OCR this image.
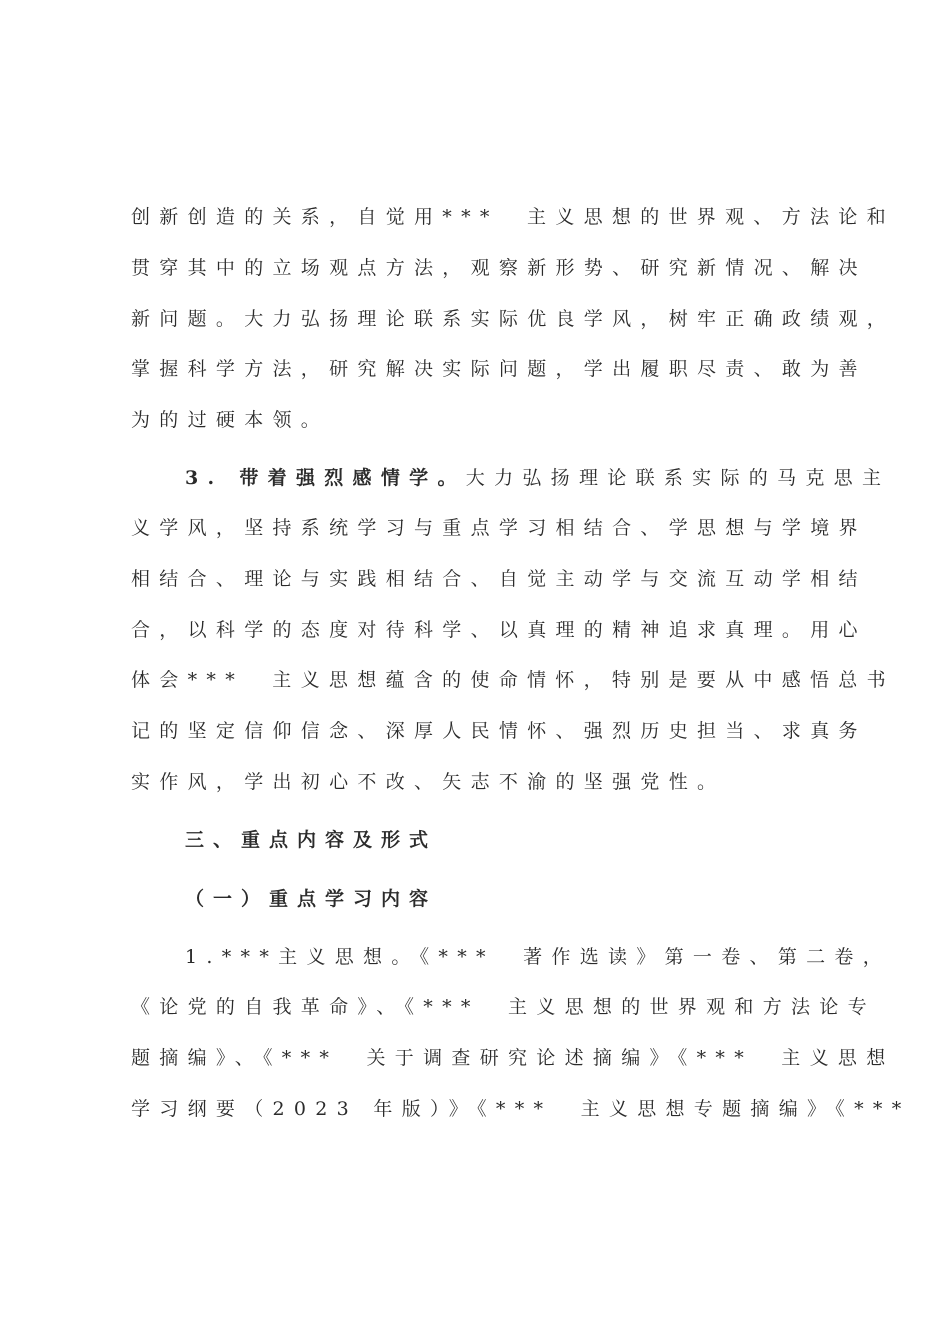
创新创造的关系，自觉用***　主义思想的世界观、方法论和
贯穿其中的立场观点方法，观察新形势、研究新情况、解决
新问题。大力弘扬理论联系实际优良学风，树牢正确政绩观，
掌握科学方法，研究解决实际问题，学出履职尽责、敢为善
为的过硬本领。
3. 带着强烈感情学。大力弘扬理论联系实际的马克思主
义学风，坚持系统学习与重点学习相结合、学思想与学境界
相结合、理论与实践相结合、自觉主动学与交流互动学相结
合，以科学的态度对待科学、以真理的精神追求真理。用心
体会***　主义思想蕴含的使命情怀，特别是要从中感悟总书
记的坚定信仰信念、深厚人民情怀、强烈历史担当、求真务
实作风，学出初心不改、矢志不渝的坚强党性。
三、重点内容及形式
（一）重点学习内容
1.***主义思想。《***　著作选读》第一卷、第二卷，
《论党的自我革命》、《***　主义思想的世界观和方法论专
题摘编》、《***　关于调查研究论述摘编》《***　主义思想
学习纲要（2023 年版）》《***　主义思想专题摘编》《***
